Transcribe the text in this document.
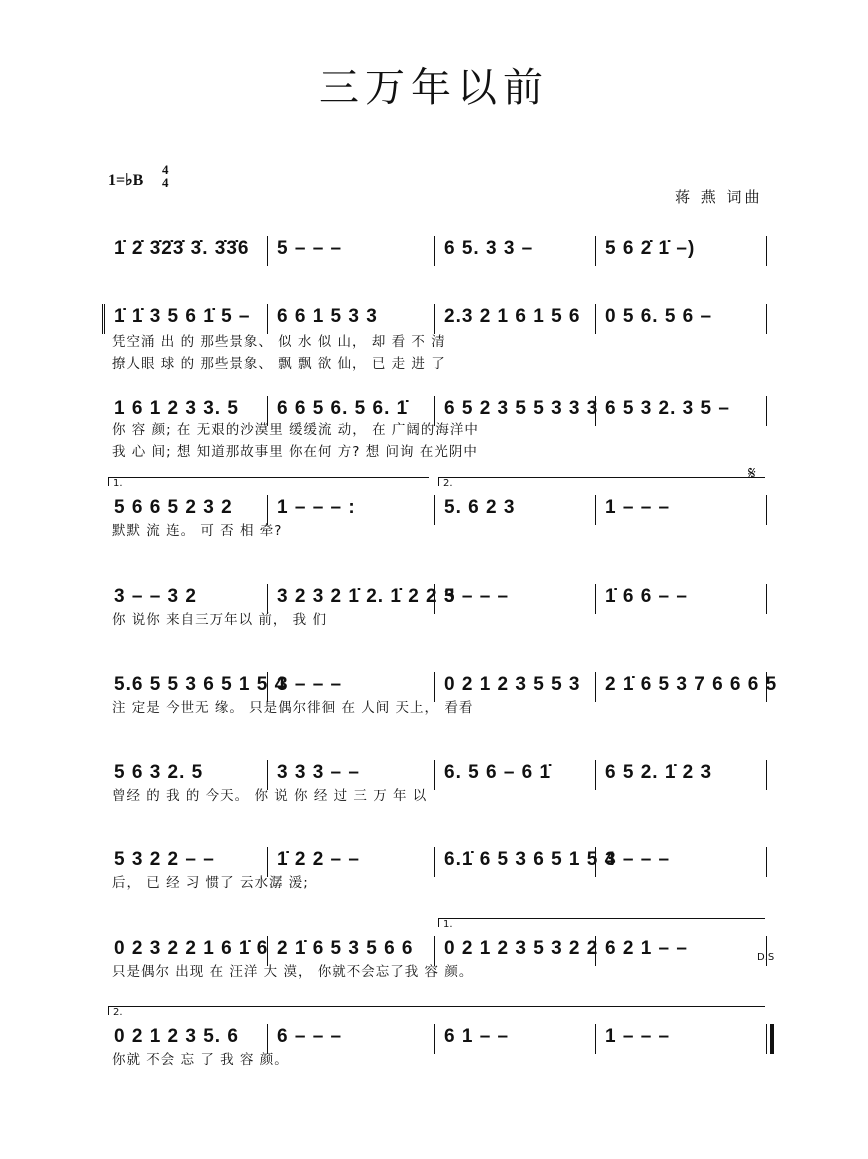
三万年以前
1=♭B
4
4
蒋 燕 词曲
1̇ 2̇ 3̇2̇3̇ 3̇. 3̇3̇6 5 – – –	6 5. 3 3 –	5 6 2̇ 1̇ –)
1̇ 1̇ 3 5 6 1̇ 5 – 6 6 1 5 3 3	2.3 2 1 6 1 5 6 0 5 6. 5 6 –
凭空涌 出 的 那些景象、 似 水 似 山， 却 看 不 清
撩人眼 球 的 那些景象、 飘 飘 欲 仙， 已 走 进 了
1 6 1 2 3 3. 5 6 6 5 6. 5 6. 1̇ 6 5 2 3 5 5 3 3 3 6 5 3 2. 3 5 –
你 容 颜; 在 无艰的沙漠里 缓缓流 动， 在 广阔的海洋中
我 心 间; 想 知道那故事里 你在何 方? 想 问询 在光阴中
5 6 6 5 2 3 2 1 – – – :	5. 6 2 3	1 – – –
默默 流 连。 可 否 相 牵?
1.	2.
3 – – 3 2	3 2 3 2 1̇ 2. 1̇ 2 2 3
5 – – –	1̇ 6 6 – –
你 说你 来自三万年以 前， 我 们
5.6 5 5 3 6 5 1 5 4
3 – – –	0 2 1 2 3 5 5 3 2 1̇ 6 5 3 7 6 6 6 5
注 定是 今世无 缘。 只是偶尔徘徊 在 人间 天上， 看看
5 6 3 2. 5	3 3 3 – –	6. 5 6 – 6 1̇	6 5 2. 1̇ 2 3
曾经 的 我 的 今天。 你 说 你 经 过 三 万 年 以
5 3 2 2 – –	1̇ 2 2 – –	6.1̇ 6 5 3 6 5 1 5 4
3 – – –
后， 已 经 习 惯了 云水潺 湲;
0 2 3 2 2 1 6 1̇ 6 2 1̇ 6 5 3 5 6 6 0 2 1 2 3 5 3 2 2 6 2 1 – –
只是偶尔 出现 在 汪洋 大 漠， 你就不会忘了我 容 颜。
1.
0 2 1 2 3 5. 6 6 – – –	6 1 – –	1 – – –
你就 不会 忘 了 我 容 颜。
2.
𝄋
D.S
